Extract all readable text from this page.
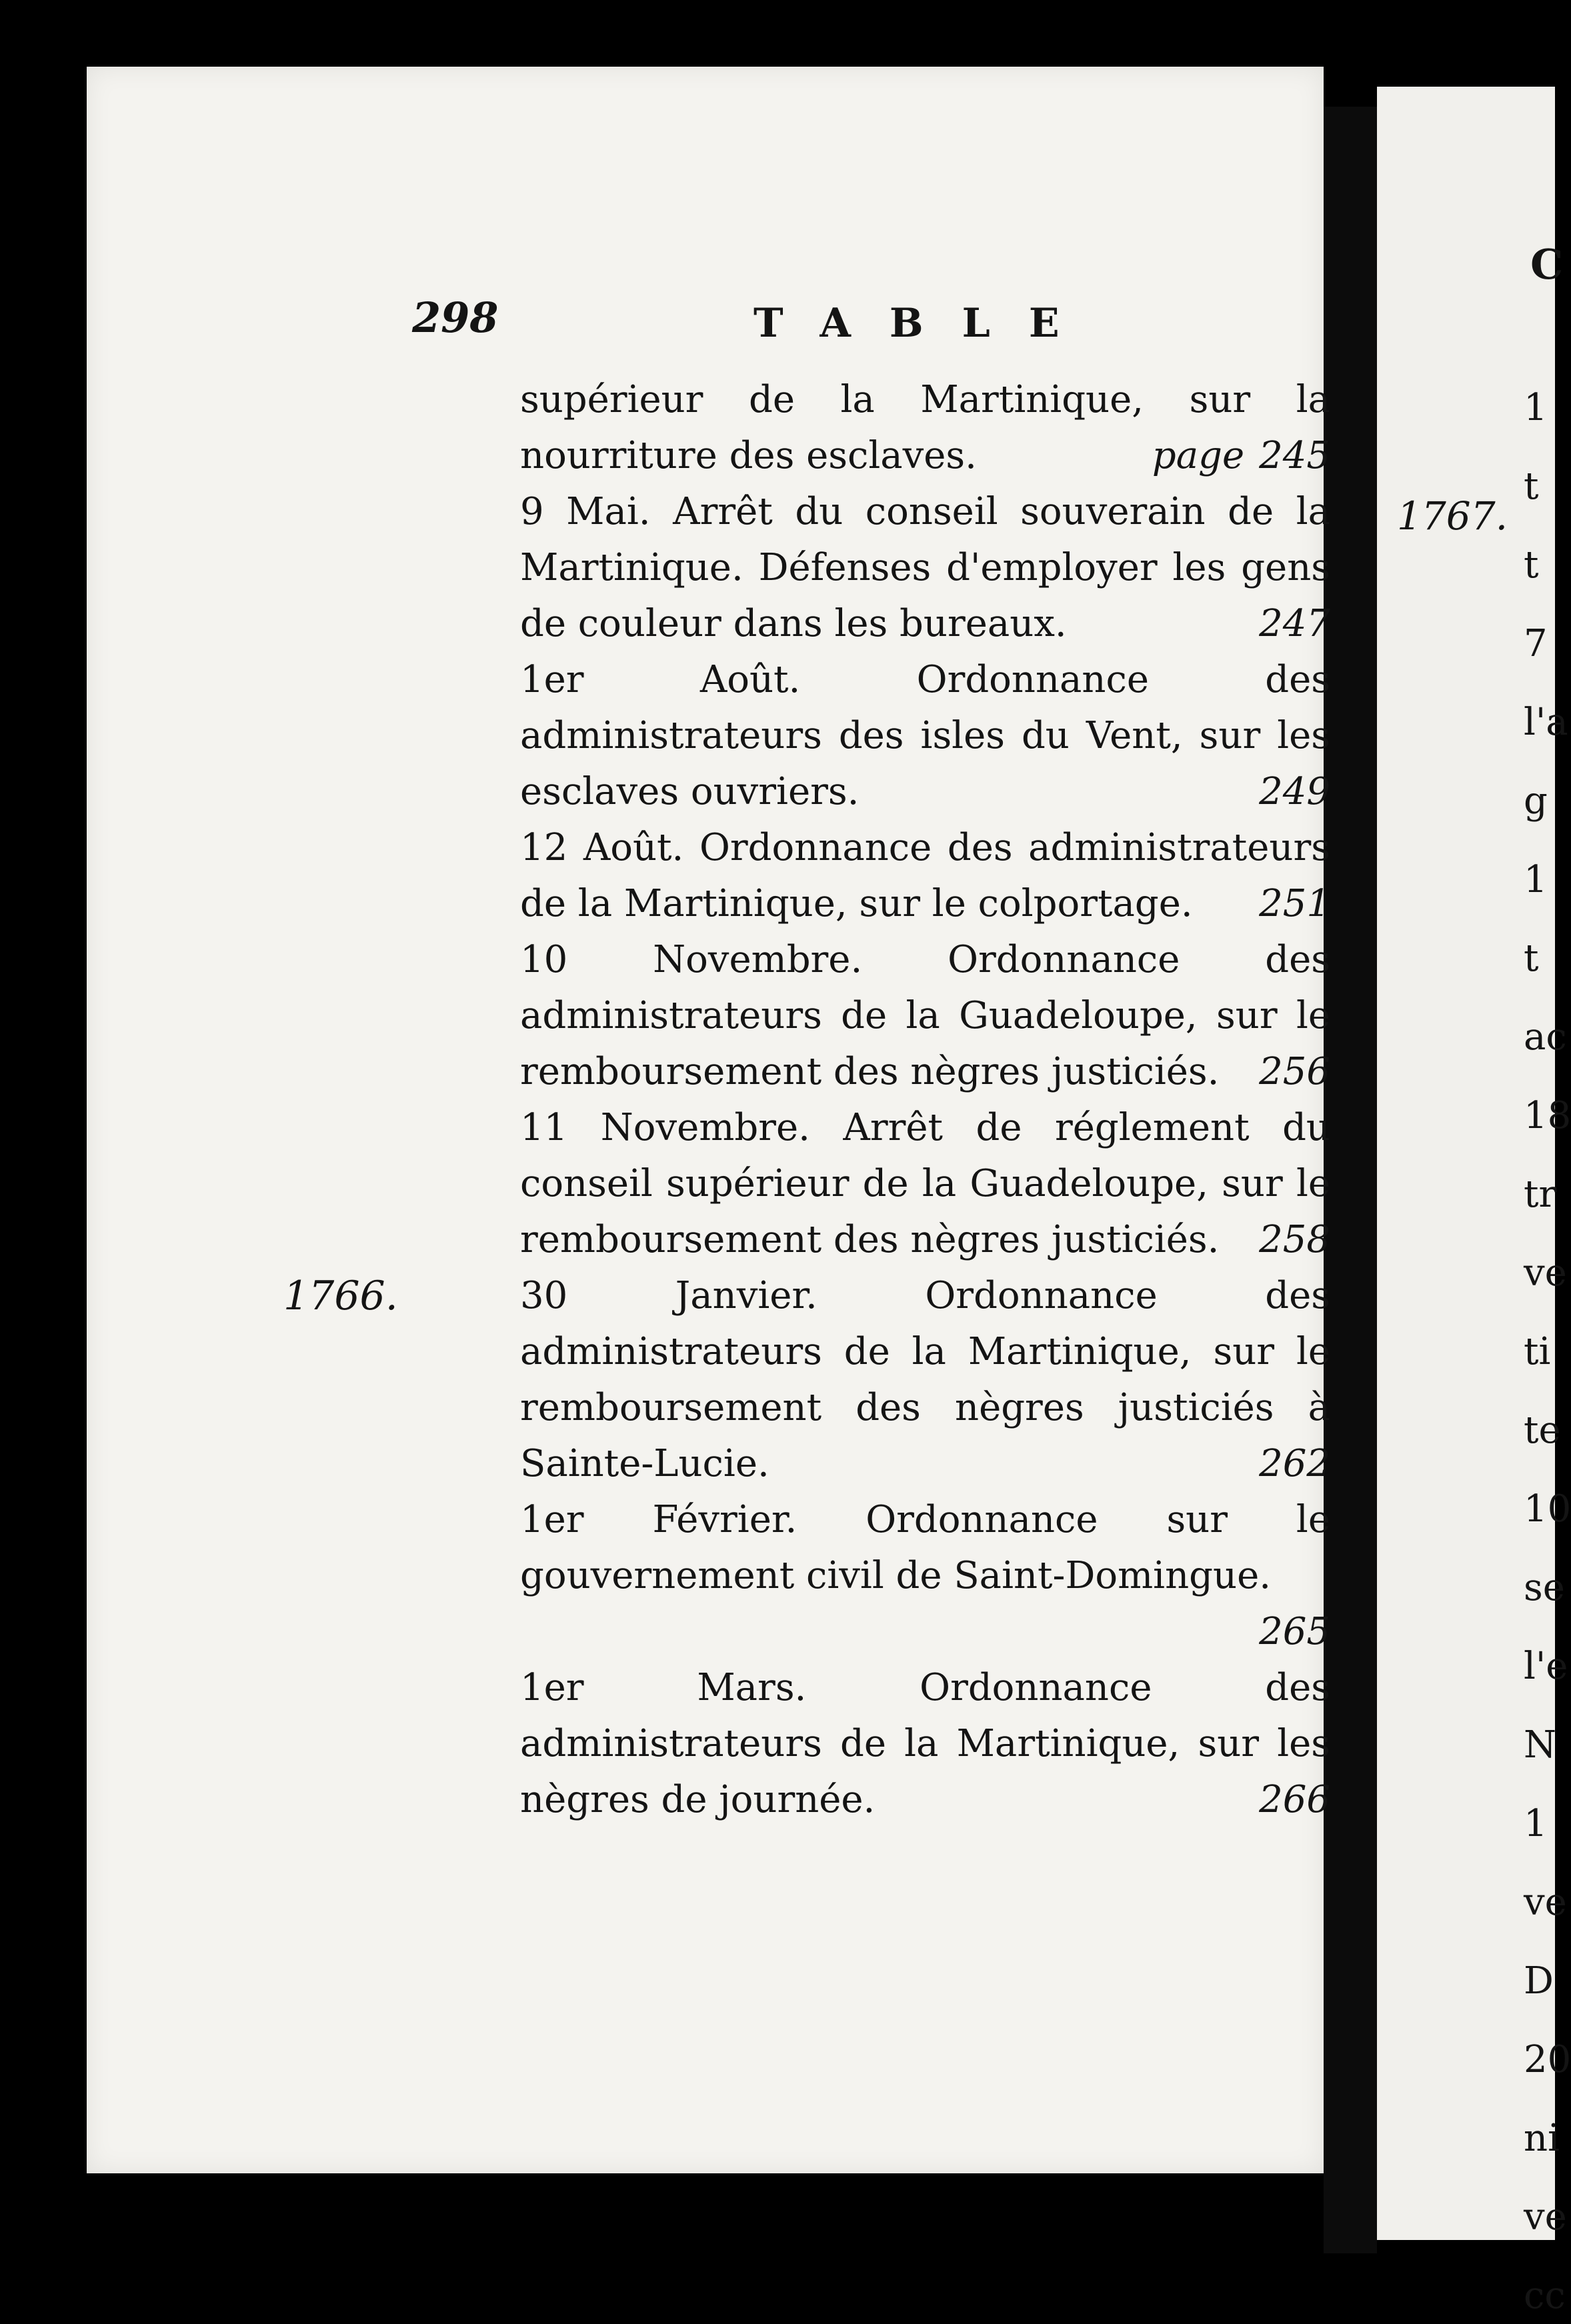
298	TABLE

supérieur de la Martinique, sur la nourriture des esclaves.	page 245

9 Mai. Arrêt du conseil souverain de la Martinique. Défenses d'employer les gens de couleur dans les bureaux.	247

1er Août.	Ordonnance des administrateurs des isles du Vent, sur les esclaves ouvriers.	249

12 Août. Ordonnance des administrateurs de la Martinique, sur le colportage. 251

10 Novembre. Ordonnance des administrateurs de la Guadeloupe, sur le remboursement des nègres justiciés. 256

11 Novembre. Arrêt de réglement du conseil supérieur de la Guadeloupe, sur le remboursement des nègres justiciés. 258

1766.	30 Janvier.	Ordonnance des administrateurs de la Martinique, sur le remboursement des nègres justiciés à Sainte-Lucie.	262

1er Février. Ordonnance sur le gouvernement civil de Saint-Domingue.
265

1er Mars.	Ordonnance des administrateurs de la Martinique, sur les nègres de journée.	266

C
1767.
1
t
t
7
l'a
g
1
t
ac
18
tr
ve
ti
te
10
se
l'e
N
1
ve
D
20
ni
ve
cc
